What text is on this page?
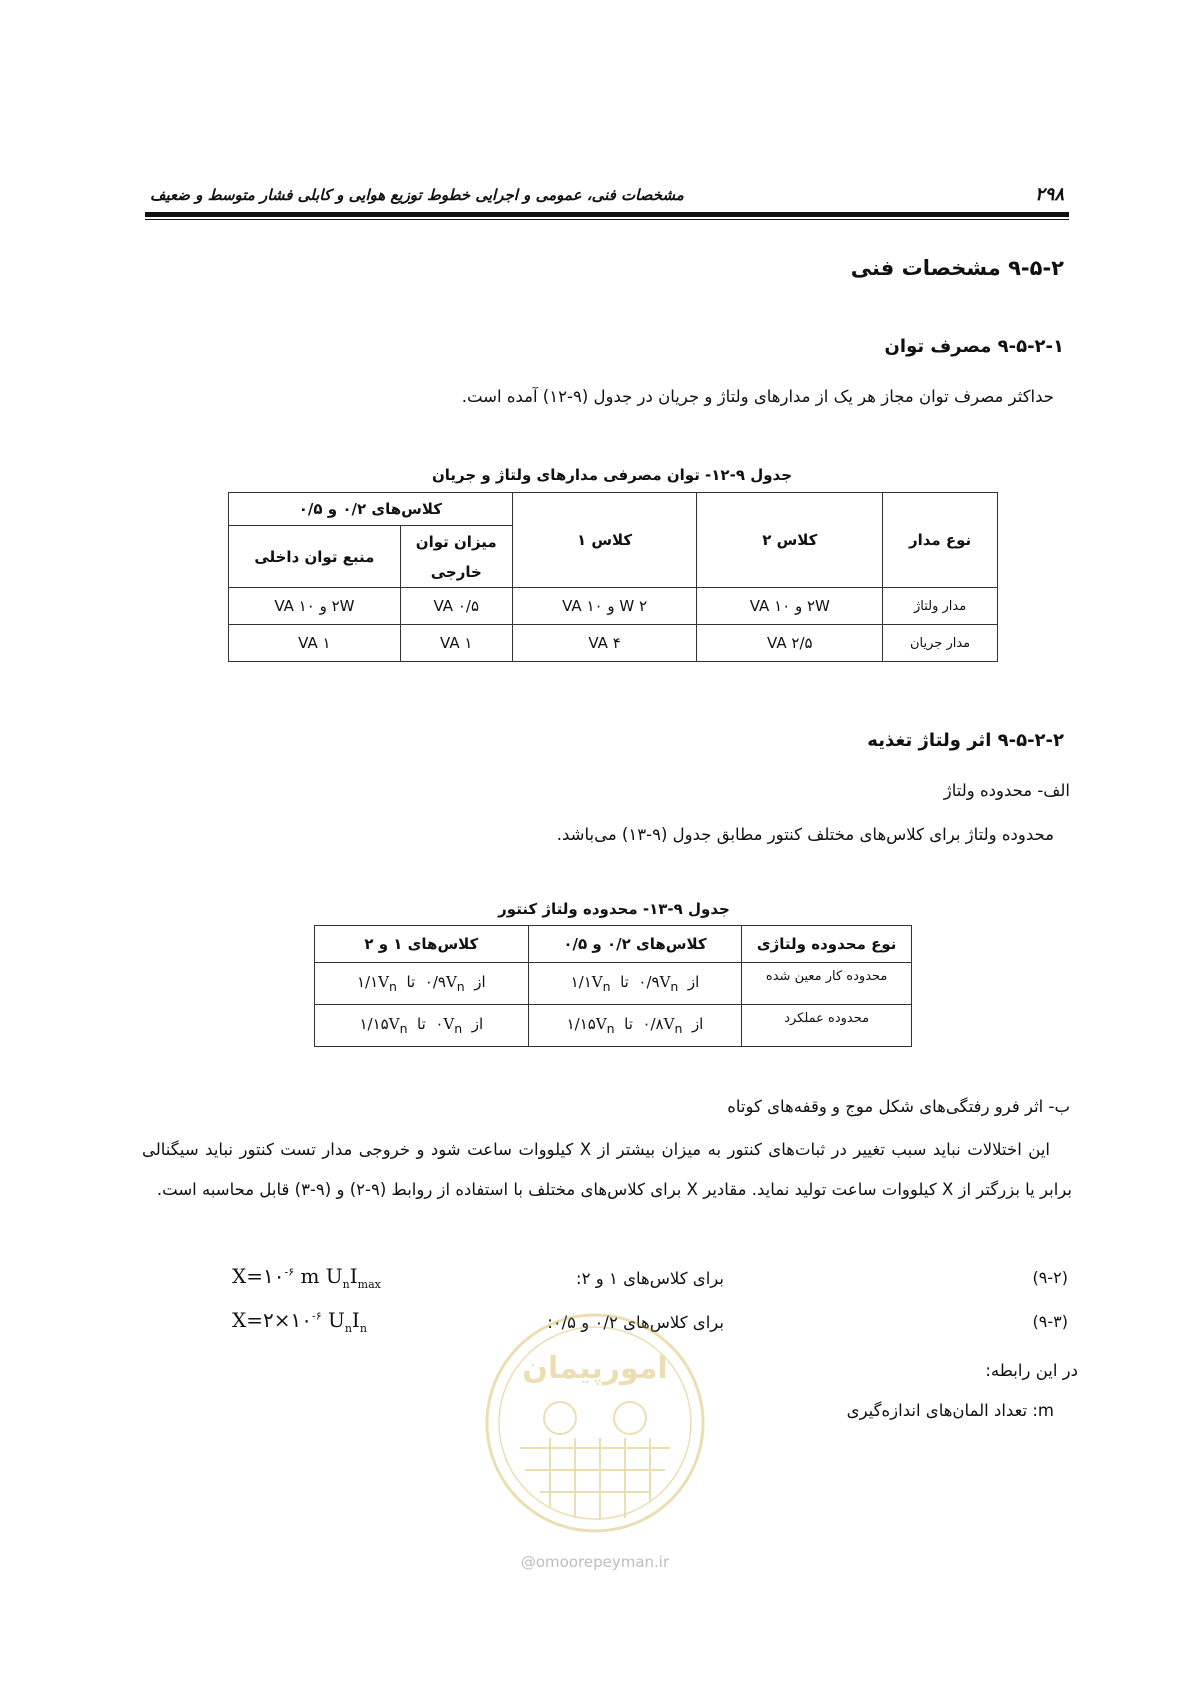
مشخصات فنی، عمومی و اجرایی خطوط توزیع هوایی و کابلی فشار متوسط و ضعیف	۲۹۸
۹-۵-۲ مشخصات فنی
۹-۵-۲-۱ مصرف توان
حداکثر مصرف توان مجاز هر یک از مدارهای ولتاژ و جریان در جدول (۹-۱۲) آمده است.
جدول ۹-۱۲- توان مصرفی مدارهای ولتاژ و جریان
نوع مدار	کلاس ۲	کلاس ۱	کلاس‌های ۰/۲ و ۰/۵	
			میزان توان خارجی	منبع توان داخلی
مدار ولتاژ	۲W و ۱۰ VA	۲ W و ۱۰ VA	۰/۵ VA	۲W و ۱۰ VA
مدار جریان	۲/۵ VA	۴ VA	۱ VA	۱ VA
۹-۵-۲-۲ اثر ولتاژ تغذیه
الف- محدوده ولتاژ
محدوده ولتاژ برای کلاس‌های مختلف کنتور مطابق جدول (۹-۱۳) می‌باشد.
جدول ۹-۱۳- محدوده ولتاژ کنتور
نوع محدوده ولتاژی	کلاس‌های ۰/۲ و ۰/۵	کلاس‌های ۱ و ۲
محدوده کار معین شده	از  $۰/۹V_n$  تا  $۱/۱V_n$	از  $۰/۹V_n$  تا  $۱/۱V_n$
محدوده عملکرد	از  $۰/۸V_n$  تا  $۱/۱۵V_n$	از  $۰V_n$  تا  $۱/۱۵V_n$
ب- اثر فرو رفتگی‌های شکل موج و وقفه‌های کوتاه
این اختلالات نباید سبب تغییر در ثبات‌های کنتور به میزان بیشتر از X کیلووات ساعت شود و خروجی مدار تست کنتور نباید سیگنالی برابر یا بزرگتر از X کیلووات ساعت تولید نماید. مقادیر X برای کلاس‌های مختلف با استفاده از روابط (۹-۲) و (۹-۳) قابل محاسبه است.
(۹-۲)
برای کلاس‌های ۱ و ۲:
$X=۱۰^{-۶}$ m $U_nI_{max}$
(۹-۳)
برای کلاس‌های ۰/۲ و ۰/۵:
$X=۲\times ۱۰^{-۶}$ $U_nI_n$
در این رابطه:
m: تعداد المان‌های اندازه‌گیری
امورپیمان
@omoorepeyman.ir
